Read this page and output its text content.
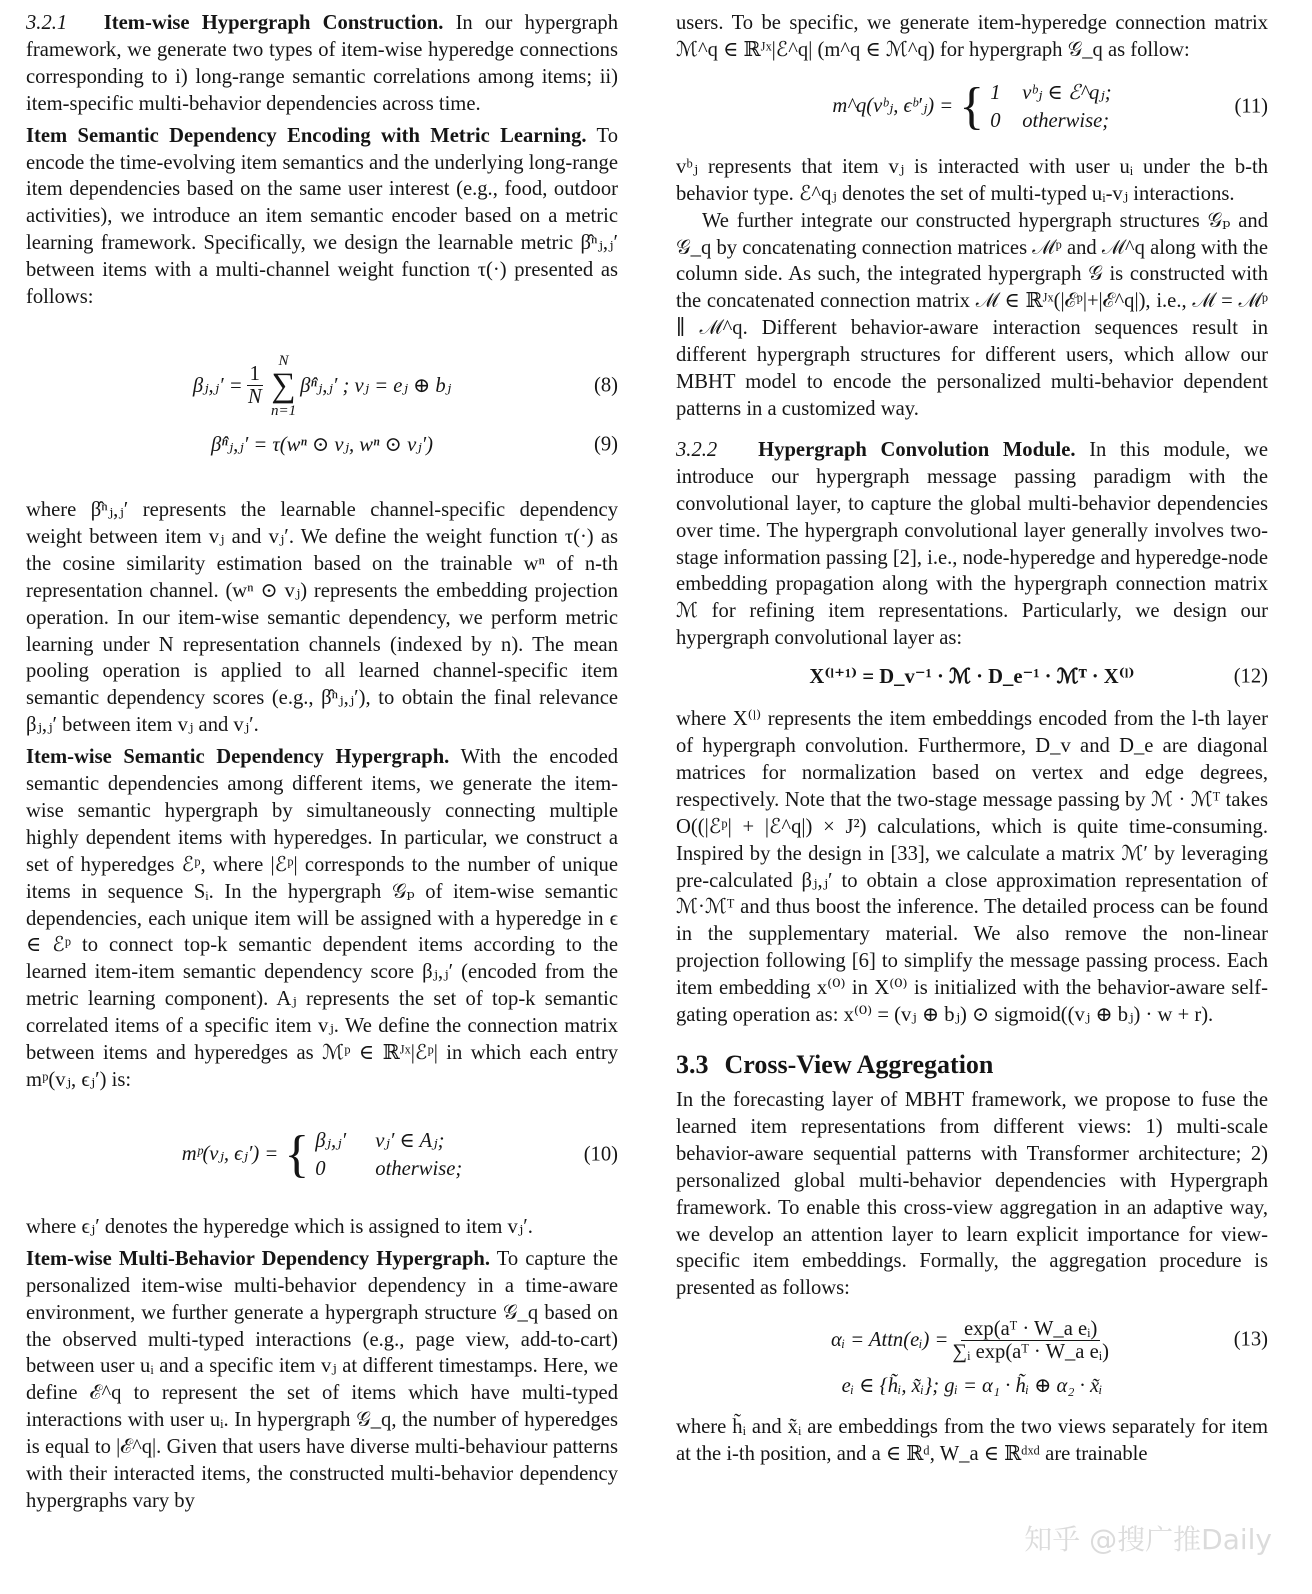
3.2.1 Item-wise Hypergraph Construction. In our hypergraph framework, we generate two types of item-wise hyperedge connections corresponding to i) long-range semantic correlations among items; ii) item-specific multi-behavior dependencies across time.

Item Semantic Dependency Encoding with Metric Learning. To encode the time-evolving item semantics and the underlying long-range item dependencies based on the same user interest (e.g., food, outdoor activities), we introduce an item semantic encoder based on a metric learning framework. Specifically, we design the learnable metric β̂ⁿⱼ,ⱼ′ between items with a multi-channel weight function τ(·) presented as follows:

βⱼ,ⱼ′ = $\frac{1}{N}$
N
∑
n=1
β̂ⁿⱼ,ⱼ′ ; vⱼ = eⱼ ⊕ bⱼ	(8)
β̂ⁿⱼ,ⱼ′ = τ(wⁿ ⊙ vⱼ, wⁿ ⊙ vⱼ′)	(9)

where β̂ⁿⱼ,ⱼ′ represents the learnable channel-specific dependency weight between item vⱼ and vⱼ′. We define the weight function τ(·) as the cosine similarity estimation based on the trainable wⁿ of n-th representation channel. (wⁿ ⊙ vⱼ) represents the embedding projection operation. In our item-wise semantic dependency, we perform metric learning under N representation channels (indexed by n). The mean pooling operation is applied to all learned channel-specific item semantic dependency scores (e.g., β̂ⁿⱼ,ⱼ′), to obtain the final relevance βⱼ,ⱼ′ between item vⱼ and vⱼ′.

Item-wise Semantic Dependency Hypergraph. With the encoded semantic dependencies among different items, we generate the item-wise semantic hypergraph by simultaneously connecting multiple highly dependent items with hyperedges. In particular, we construct a set of hyperedges ℰᵖ, where |ℰᵖ| corresponds to the number of unique items in sequence Sᵢ. In the hypergraph 𝒢ₚ of item-wise semantic dependencies, each unique item will be assigned with a hyperedge in ϵ ∈ ℰᵖ to connect top-k semantic dependent items according to the learned item-item semantic dependency score βⱼ,ⱼ′ (encoded from the metric learning component). Aⱼ represents the set of top-k semantic correlated items of a specific item vⱼ. We define the connection matrix between items and hyperedges as ℳᵖ ∈ ℝᴶˣ|ℰᵖ| in which each entry mᵖ(vⱼ, ϵⱼ′) is:

mᵖ(vⱼ, ϵⱼ′) = { βⱼ,ⱼ′ vⱼ′ ∈ Aⱼ;
0 otherwise;
(10)

where ϵⱼ′ denotes the hyperedge which is assigned to item vⱼ′.

Item-wise Multi-Behavior Dependency Hypergraph. To capture the personalized item-wise multi-behavior dependency in a time-aware environment, we further generate a hypergraph structure 𝒢_q based on the observed multi-typed interactions (e.g., page view, add-to-cart) between user uᵢ and a specific item vⱼ at different timestamps. Here, we define ℰ^q to represent the set of items which have multi-typed interactions with user uᵢ. In hypergraph 𝒢_q, the number of hyperedges is equal to |ℰ^q|. Given that users have diverse multi-behaviour patterns with their interacted items, the constructed multi-behavior dependency hypergraphs vary by

users. To be specific, we generate item-hyperedge connection matrix ℳ^q ∈ ℝᴶˣ|ℰ^q| (m^q ∈ ℳ^q) for hypergraph 𝒢_q as follow:

m^q(vᵇⱼ, ϵᵇ′ⱼ) = { 1 vᵇⱼ ∈ ℰ^qⱼ;
0 otherwise;
(11)

vᵇⱼ represents that item vⱼ is interacted with user uᵢ under the b-th behavior type. ℰ^qⱼ denotes the set of multi-typed uᵢ-vⱼ interactions.

We further integrate our constructed hypergraph structures 𝒢ₚ and 𝒢_q by concatenating connection matrices ℳᵖ and ℳ^q along with the column side. As such, the integrated hypergraph 𝒢 is constructed with the concatenated connection matrix ℳ ∈ ℝᴶˣ(|ℰᵖ|+|ℰ^q|), i.e., ℳ = ℳᵖ ∥ ℳ^q. Different behavior-aware interaction sequences result in different hypergraph structures for different users, which allow our MBHT model to encode the personalized multi-behavior dependent patterns in a customized way.

3.2.2 Hypergraph Convolution Module. In this module, we introduce our hypergraph message passing paradigm with the convolutional layer, to capture the global multi-behavior dependencies over time. The hypergraph convolutional layer generally involves two-stage information passing [2], i.e., node-hyperedge and hyperedge-node embedding propagation along with the hypergraph connection matrix ℳ for refining item representations. Particularly, we design our hypergraph convolutional layer as:

X⁽ˡ⁺¹⁾ = D_v⁻¹ · ℳ · D_e⁻¹ · ℳᵀ · X⁽ˡ⁾	(12)

where X⁽ˡ⁾ represents the item embeddings encoded from the l-th layer of hypergraph convolution. Furthermore, D_v and D_e are diagonal matrices for normalization based on vertex and edge degrees, respectively. Note that the two-stage message passing by ℳ · ℳᵀ takes O((|ℰᵖ| + |ℰ^q|) × J²) calculations, which is quite time-consuming. Inspired by the design in [33], we calculate a matrix ℳ′ by leveraging pre-calculated βⱼ,ⱼ′ to obtain a close approximation representation of ℳ·ℳᵀ and thus boost the inference. The detailed process can be found in the supplementary material. We also remove the non-linear projection following [6] to simplify the message passing process. Each item embedding x⁽⁰⁾ in X⁽⁰⁾ is initialized with the behavior-aware self-gating operation as: x⁽⁰⁾ = (vⱼ ⊕ bⱼ) ⊙ sigmoid((vⱼ ⊕ bⱼ) · w + r).

3.3 Cross-View Aggregation

In the forecasting layer of MBHT framework, we propose to fuse the learned item representations from different views: 1) multi-scale behavior-aware sequential patterns with Transformer architecture; 2) personalized global multi-behavior dependencies with Hypergraph framework. To enable this cross-view aggregation in an adaptive way, we develop an attention layer to learn explicit importance for view-specific item embeddings. Formally, the aggregation procedure is presented as follows:

αᵢ = Attn(eᵢ) = $\frac{\text{exp(aᵀ · W\_a eᵢ)}}{\text{∑ᵢ exp(aᵀ · W\_a eᵢ)}}$	(13)
eᵢ ∈ {h̃ᵢ, x̃ᵢ}; gᵢ = α₁ · h̃ᵢ ⊕ α₂ · x̃ᵢ

where h̃ᵢ and x̃ᵢ are embeddings from the two views separately for item at the i-th position, and a ∈ ℝᵈ, W_a ∈ ℝᵈˣᵈ are trainable

知乎 @搜广推Daily
